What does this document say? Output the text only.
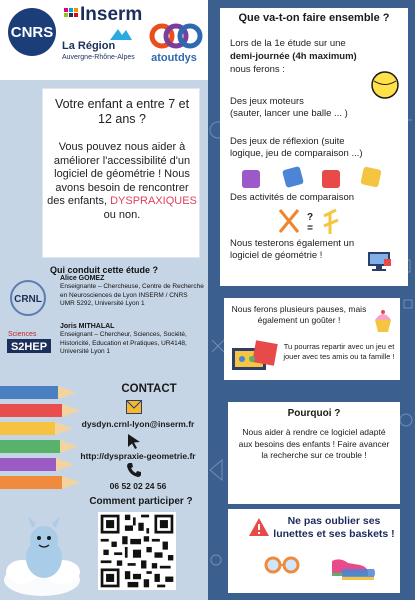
CNRS
Inserm
La Région
Auvergne-Rhône-Alpes	atoutdys
Votre enfant a entre 7 et 12 ans ?
Vous pouvez nous aider à améliorer l'accessibilité d'un logiciel de géométrie ! Nous avons besoin de rencontrer des enfants, DYSPRAXIQUES ou non.
Qui conduit cette étude ?
CRNL
Alice GOMEZ
Enseignante – Chercheuse, Centre de Recherche en Neurosciences de Lyon INSERM / CNRS UMR 5292, Université Lyon 1
Sciences
S2HEP
Joris MITHALAL
Enseignant – Chercheur, Sciences, Société, Historicité, Education et Pratiques, UR4148, Université Lyon 1
CONTACT
dysdyn.crnl-lyon@inserm.fr
http://dyspraxie-geometrie.fr
06 52 02 24 56
Comment participer ?
Que va-t-on faire ensemble ?
Lors de la 1e étude sur une
demi-journée (4h maximum)
nous ferons :
Des jeux moteurs
(sauter, lancer une balle ... )
Des jeux de réflexion (suite
logique, jeu de comparaison ...)
Des activités de comparaison
?
=
Nous testerons également un
logiciel de géométrie !
Nous ferons plusieurs pauses, mais également un goûter !
Tu pourras repartir avec un jeu et jouer avec tes amis ou ta famille !
Pourquoi ?
Nous aider à rendre ce logiciel adapté aux besoins des enfants ! Faire avancer la recherche sur ce trouble !
Ne pas oublier ses lunettes et ses baskets !
